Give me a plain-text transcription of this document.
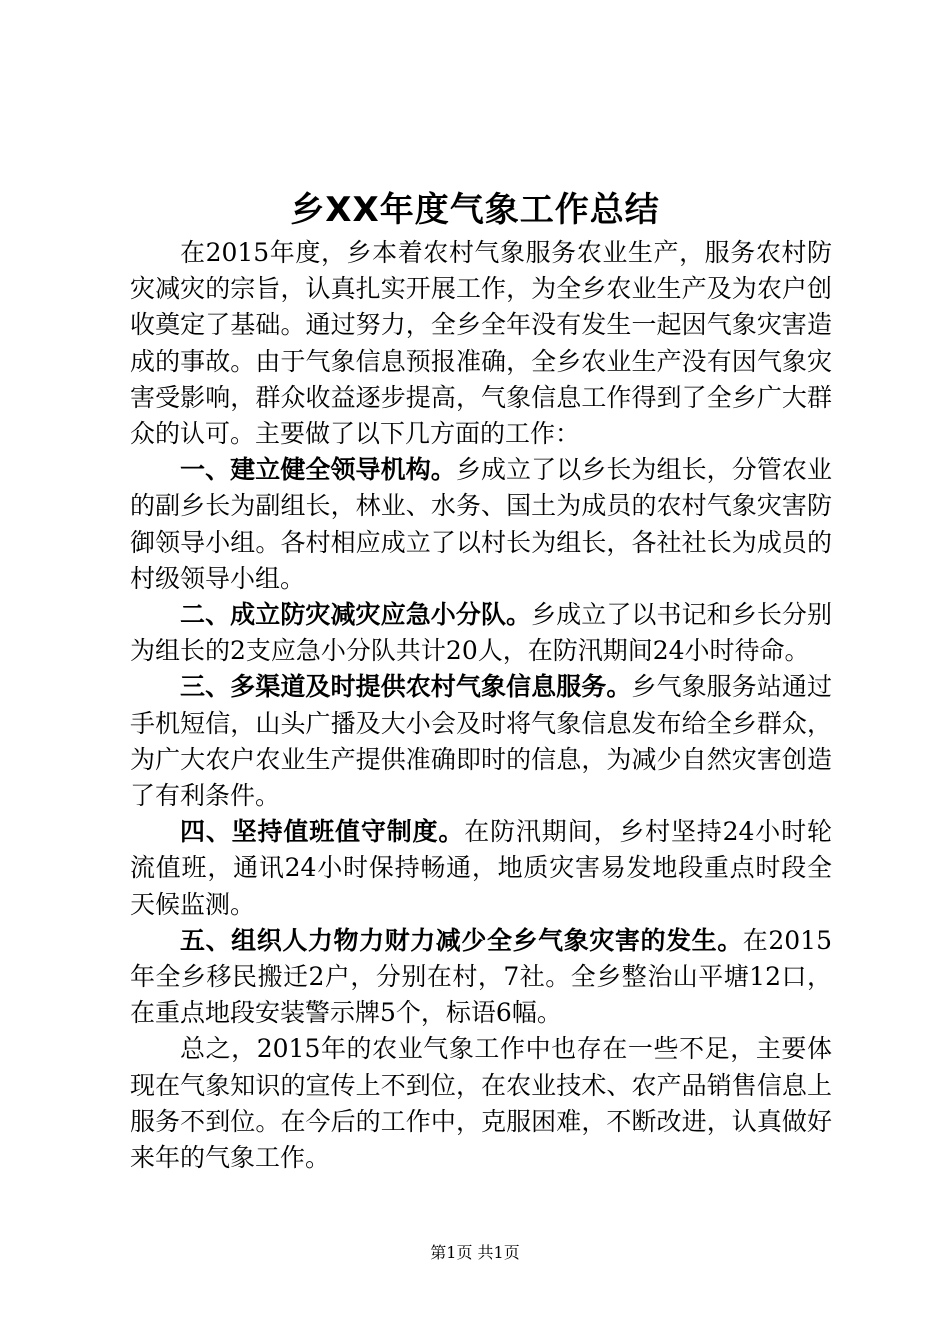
乡XX年度气象工作总结

在2015年度，乡本着农村气象服务农业生产，服务农村防灾减灾的宗旨，认真扎实开展工作，为全乡农业生产及为农户创收奠定了基础。通过努力，全乡全年没有发生一起因气象灾害造成的事故。由于气象信息预报准确，全乡农业生产没有因气象灾害受影响，群众收益逐步提高，气象信息工作得到了全乡广大群众的认可。主要做了以下几方面的工作：

一、建立健全领导机构。乡成立了以乡长为组长，分管农业的副乡长为副组长，林业、水务、国土为成员的农村气象灾害防御领导小组。各村相应成立了以村长为组长，各社社长为成员的村级领导小组。

二、成立防灾减灾应急小分队。乡成立了以书记和乡长分别为组长的2支应急小分队共计20人，在防汛期间24小时待命。

三、多渠道及时提供农村气象信息服务。乡气象服务站通过手机短信，山头广播及大小会及时将气象信息发布给全乡群众，为广大农户农业生产提供准确即时的信息，为减少自然灾害创造了有利条件。

四、坚持值班值守制度。在防汛期间，乡村坚持24小时轮流值班，通讯24小时保持畅通，地质灾害易发地段重点时段全天候监测。

五、组织人力物力财力减少全乡气象灾害的发生。在2015年全乡移民搬迁2户，分别在村，7社。全乡整治山平塘12口，在重点地段安装警示牌5个，标语6幅。

总之，2015年的农业气象工作中也存在一些不足，主要体现在气象知识的宣传上不到位，在农业技术、农产品销售信息上服务不到位。在今后的工作中，克服困难，不断改进，认真做好来年的气象工作。

第1页 共1页
